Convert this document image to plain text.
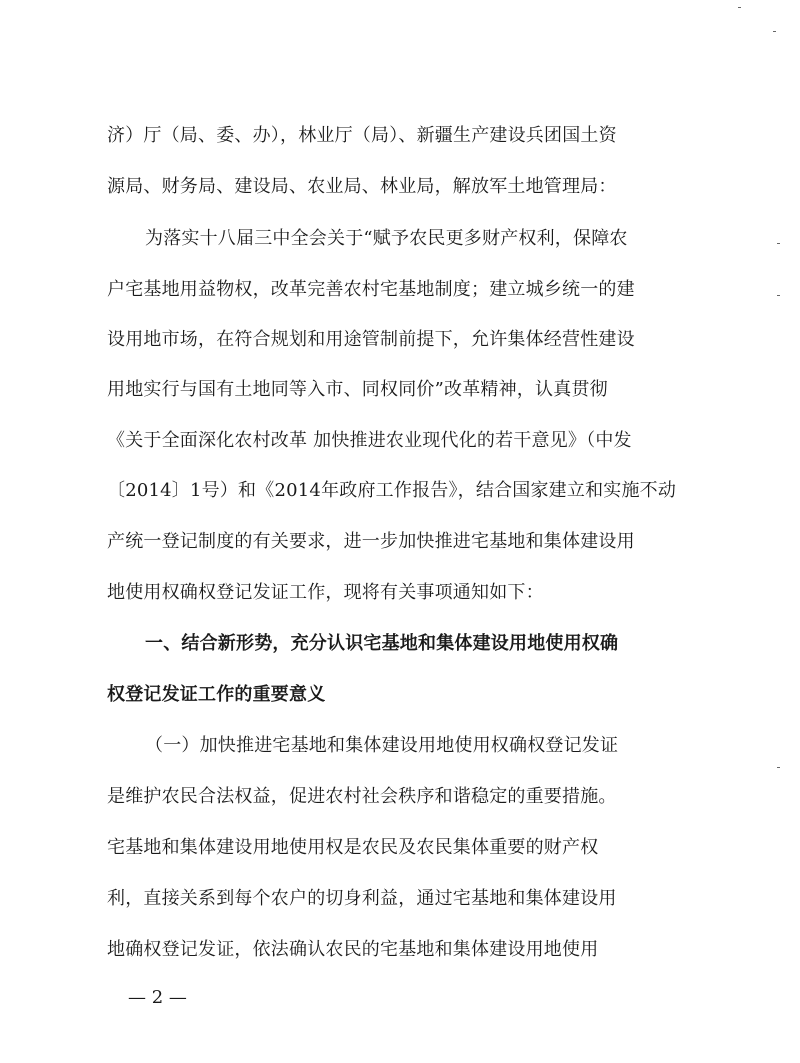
济）厅（局、委、办），林业厅（局）、新疆生产建设兵团国土资
源局、财务局、建设局、农业局、林业局，解放军土地管理局：
为落实十八届三中全会关于“赋予农民更多财产权利，保障农
户宅基地用益物权，改革完善农村宅基地制度；建立城乡统一的建
设用地市场，在符合规划和用途管制前提下，允许集体经营性建设
用地实行与国有土地同等入市、同权同价”改革精神，认真贯彻
《关于全面深化农村改革 加快推进农业现代化的若干意见》（中发
〔2014〕1号）和《2014年政府工作报告》，结合国家建立和实施不动
产统一登记制度的有关要求，进一步加快推进宅基地和集体建设用
地使用权确权登记发证工作，现将有关事项通知如下：
一、结合新形势，充分认识宅基地和集体建设用地使用权确
权登记发证工作的重要意义
（一）加快推进宅基地和集体建设用地使用权确权登记发证
是维护农民合法权益，促进农村社会秩序和谐稳定的重要措施。
宅基地和集体建设用地使用权是农民及农民集体重要的财产权
利，直接关系到每个农户的切身利益，通过宅基地和集体建设用
地确权登记发证，依法确认农民的宅基地和集体建设用地使用
— 2 —
